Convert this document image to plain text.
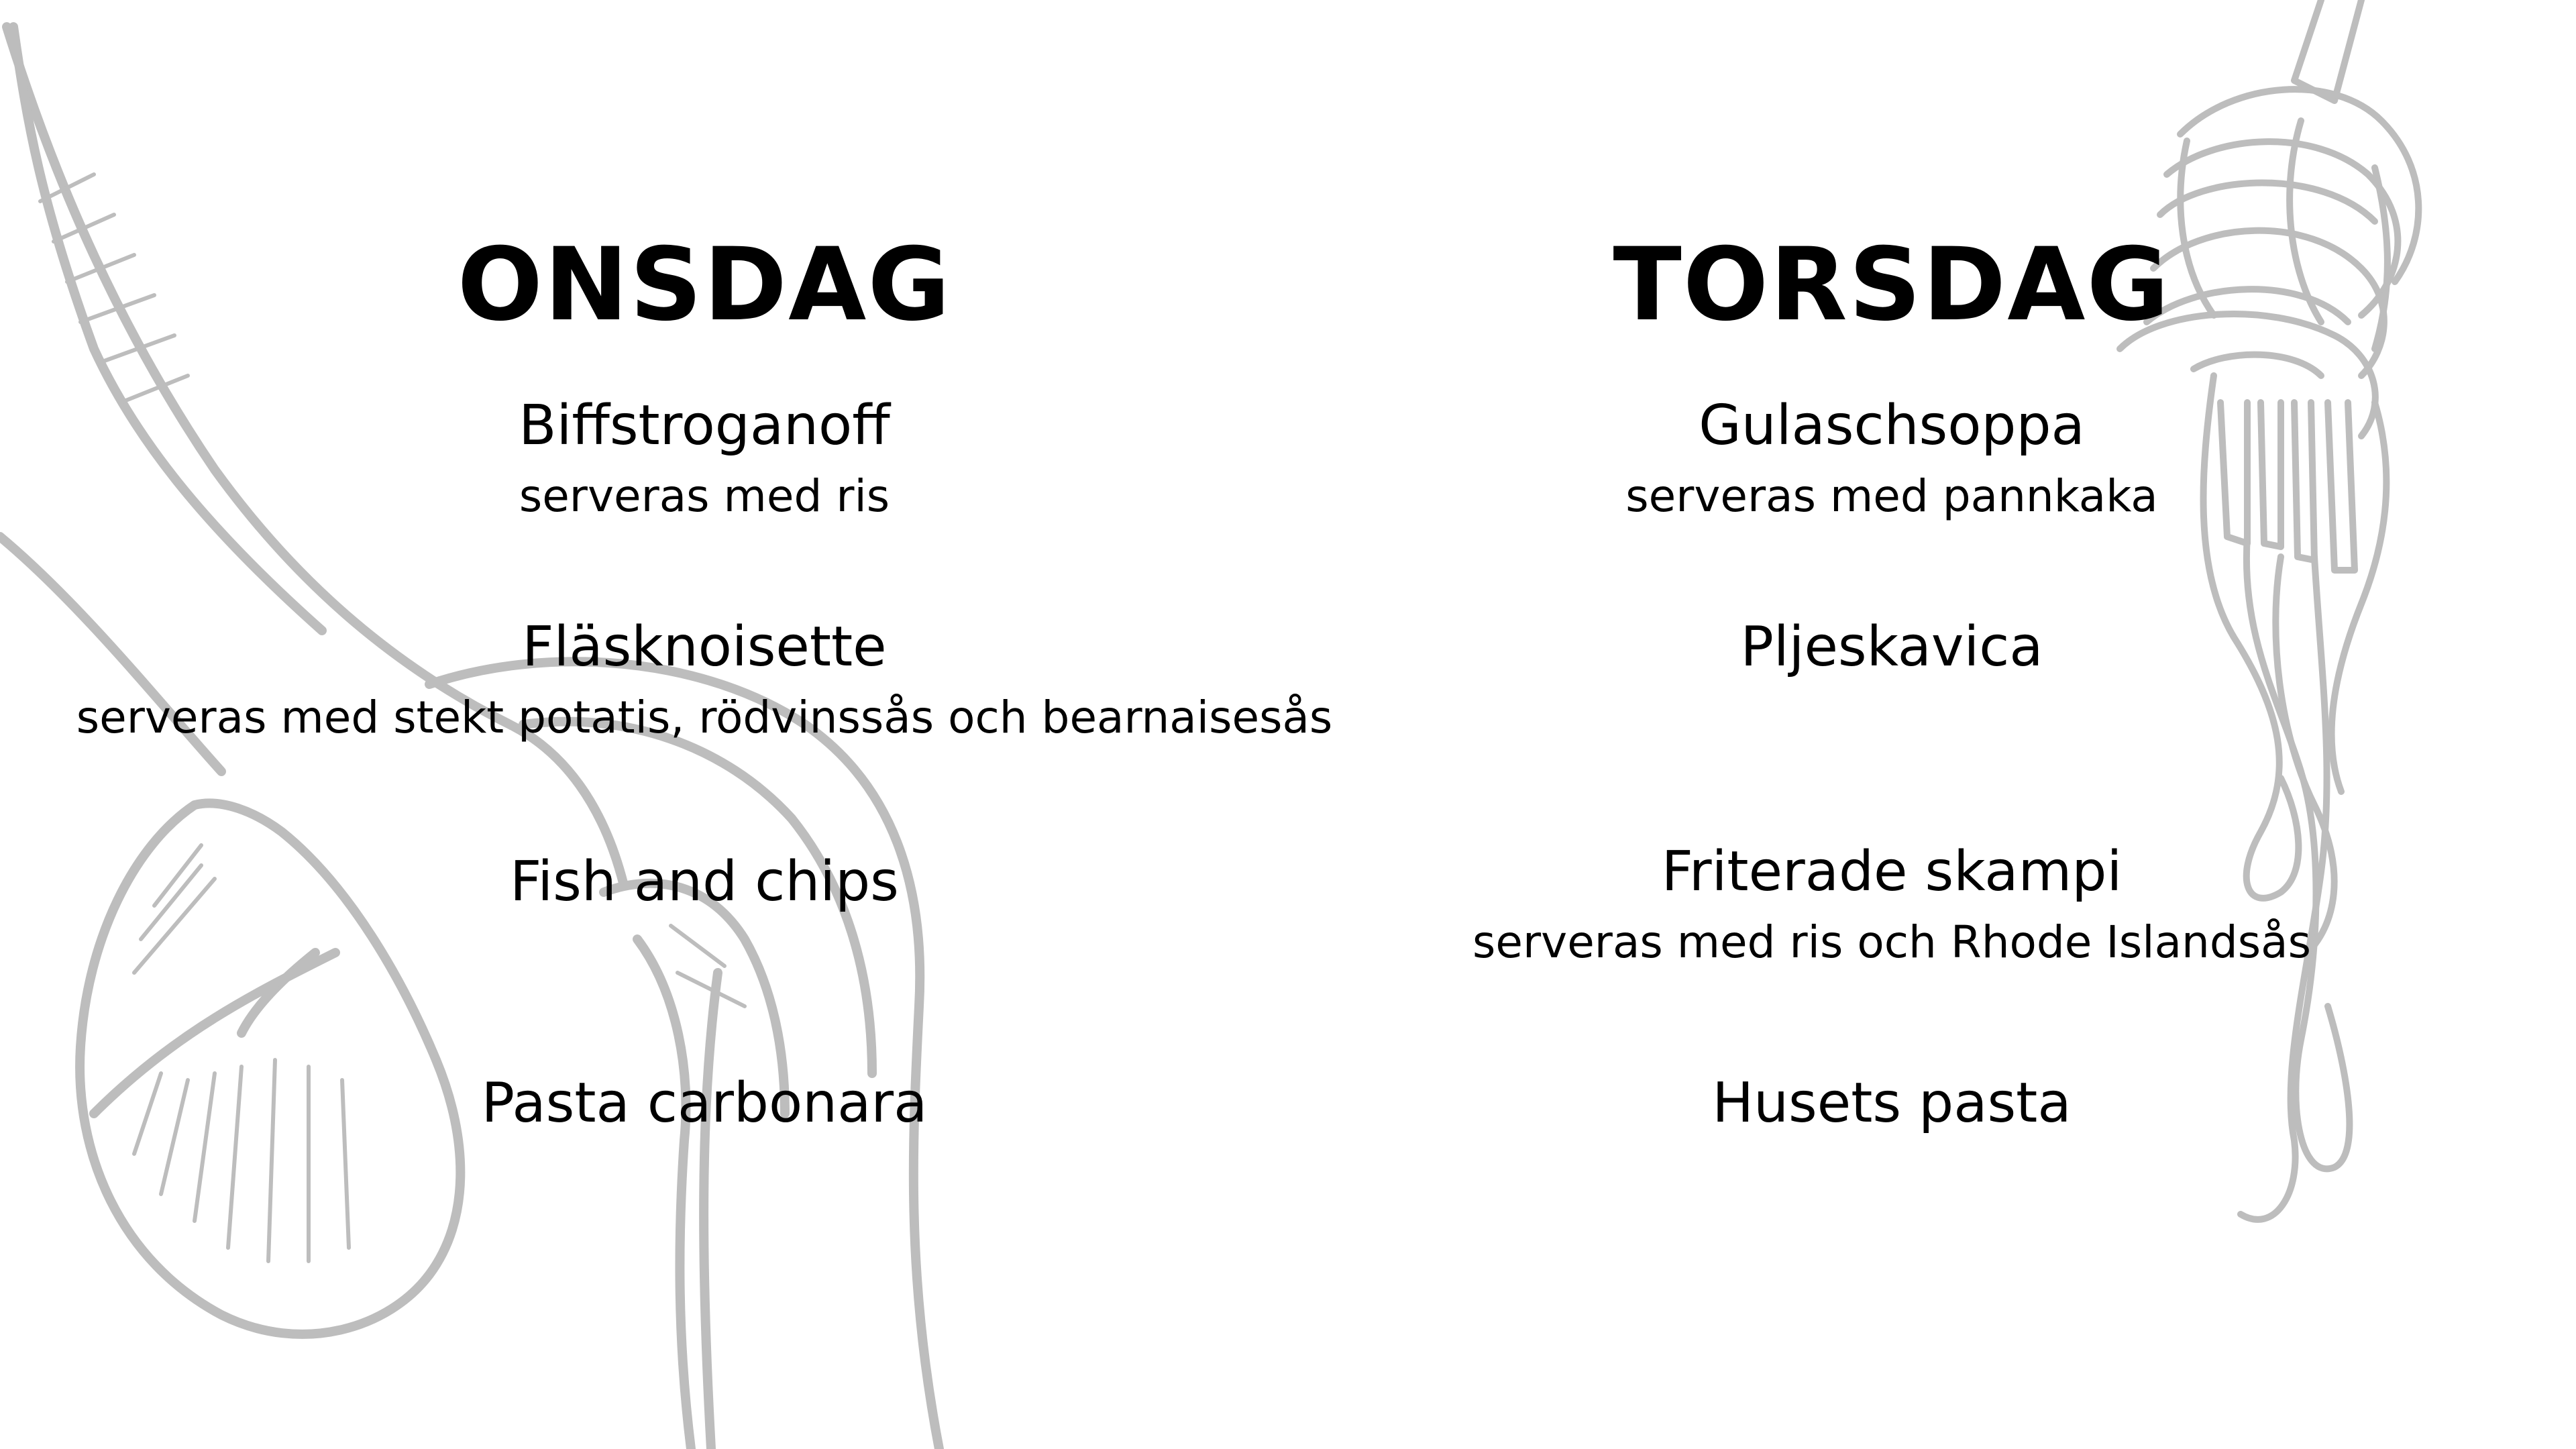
ONSDAG
Biffstroganoff
serveras med ris
Fläsknoisette
serveras med stekt potatis, rödvinssås och bearnaisesås
Fish and chips
Pasta carbonara
TORSDAG
Gulaschsoppa
serveras med pannkaka
Pljeskavica
Friterade skampi
serveras med ris och Rhode Islandsås
Husets pasta
